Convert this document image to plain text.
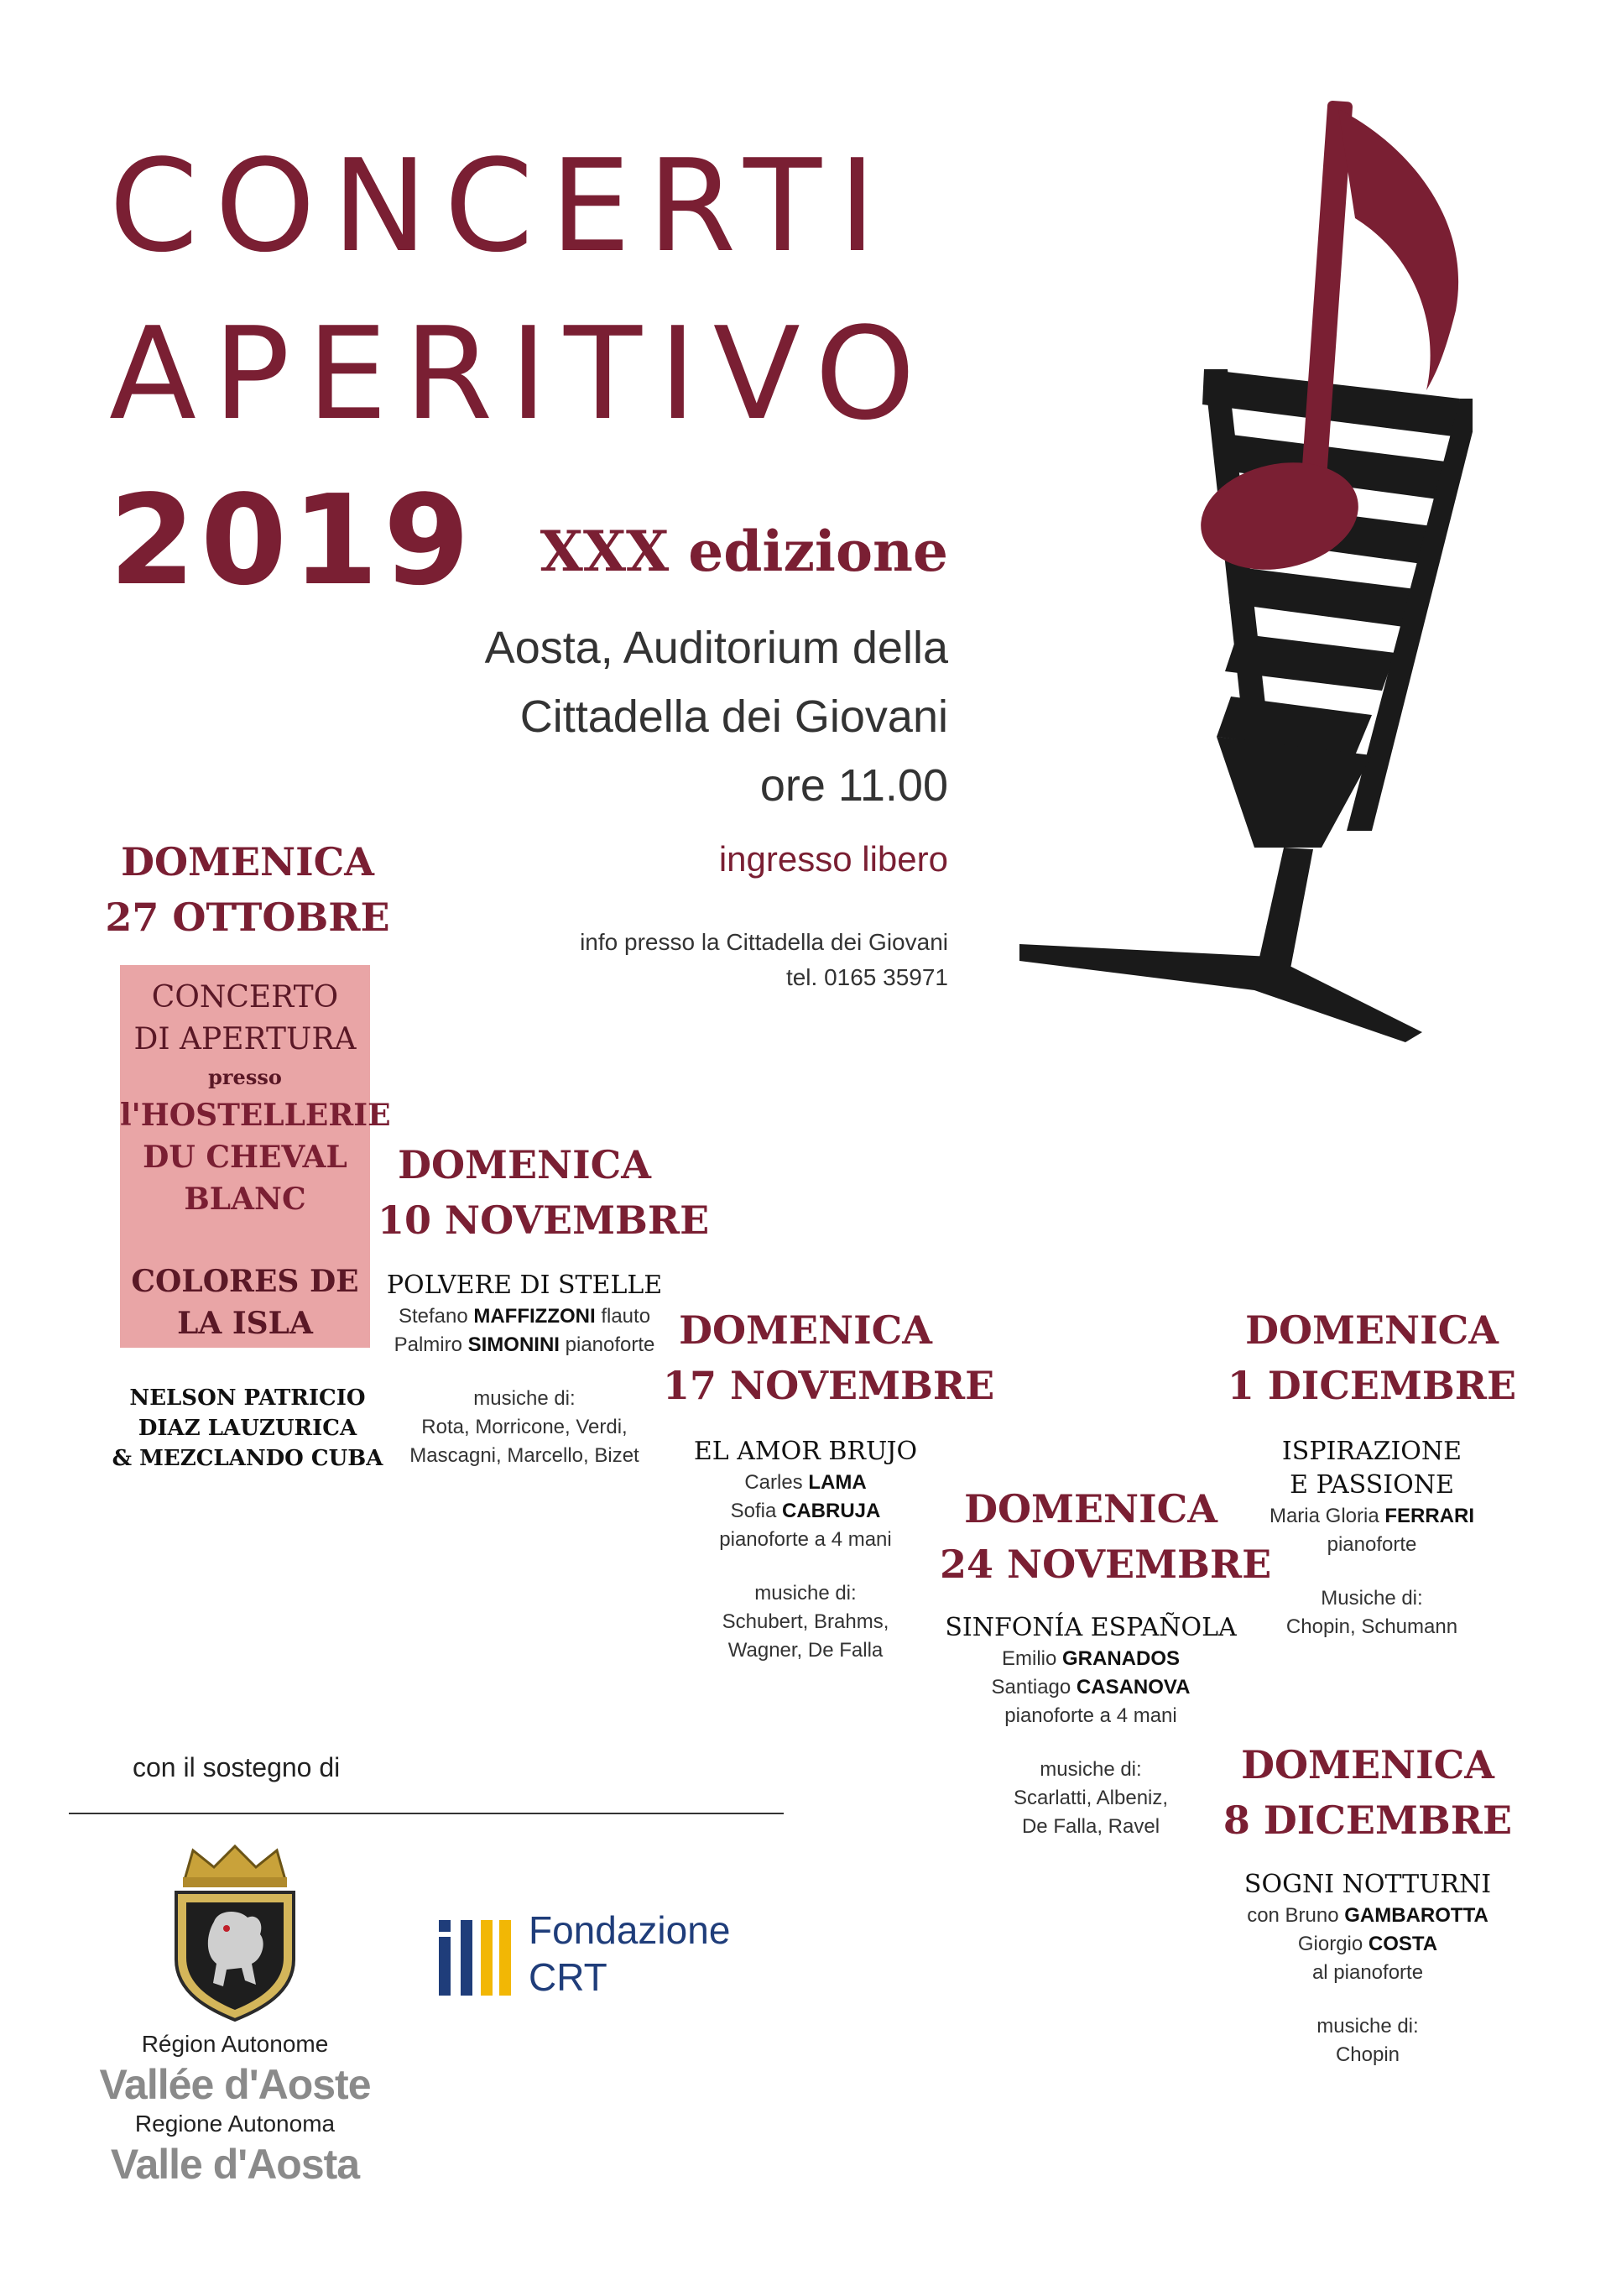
CONCERTI
APERITIVO
2019	XXX edizione
Aosta, Auditorium della
Cittadella dei Giovani
ore 11.00
ingresso libero
info presso la Cittadella dei Giovani
tel. 0165 35971
DOMENICA
27 OTTOBRE
CONCERTO
DI APERTURA
presso
l'HOSTELLERIE
DU CHEVAL
BLANC
COLORES DE
LA ISLA
NELSON PATRICIO
DIAZ LAUZURICA
& MEZCLANDO CUBA
DOMENICA
10 NOVEMBRE
POLVERE DI STELLE
Stefano MAFFIZZONI flauto
Palmiro SIMONINI pianoforte
musiche di:
Rota, Morricone, Verdi,
Mascagni, Marcello, Bizet
DOMENICA
17 NOVEMBRE
EL AMOR BRUJO
Carles LAMA
Sofia CABRUJA
pianoforte a 4 mani
musiche di:
Schubert, Brahms,
Wagner, De Falla
DOMENICA
24 NOVEMBRE
SINFONÍA ESPAÑOLA
Emilio GRANADOS
Santiago CASANOVA
pianoforte a 4 mani
musiche di:
Scarlatti, Albeniz,
De Falla, Ravel
DOMENICA
1 DICEMBRE
ISPIRAZIONE
E PASSIONE
Maria Gloria FERRARI
pianoforte
Musiche di:
Chopin, Schumann
DOMENICA
8 DICEMBRE
SOGNI NOTTURNI
con Bruno GAMBAROTTA
Giorgio COSTA
al pianoforte
musiche di:
Chopin
con il sostegno di
Région Autonome
Vallée d'Aoste
Regione Autonoma
Valle d'Aosta
Fondazione
CRT
